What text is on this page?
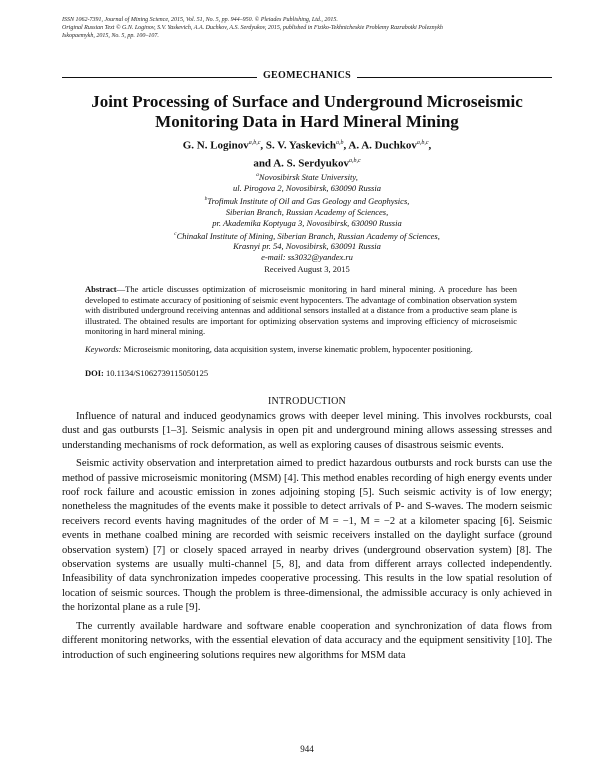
ISSN 1062-7391, Journal of Mining Science, 2015, Vol. 51, No. 5, pp. 944–950. © Pleiades Publishing, Ltd., 2015.
Original Russian Text © G.N. Loginov, S.V. Yaskevich, A.A. Duchkov, A.S. Serdyukov, 2015, published in Fiziko-Tekhnicheskie Problemy Razrabotki Poleznykh
Iskopaemykh, 2015, No. 5, pp. 100–107.
GEOMECHANICS
Joint Processing of Surface and Underground Microseismic Monitoring Data in Hard Mineral Mining
G. N. Loginov$^{a,b,c}$, S. V. Yaskevich$^{a,b}$, A. A. Duchkov$^{a,b,c}$,
and A. S. Serdyukov$^{a,b,c}$
$^a$Novosibirsk State University,
ul. Pirogova 2, Novosibirsk, 630090 Russia
$^b$Trofimuk Institute of Oil and Gas Geology and Geophysics,
Siberian Branch, Russian Academy of Sciences,
pr. Akademika Koptyuga 3, Novosibirsk, 630090 Russia
$^c$Chinakal Institute of Mining, Siberian Branch, Russian Academy of Sciences,
Krasnyi pr. 54, Novosibirsk, 630091 Russia
e-mail: ss3032@yandex.ru
Received August 3, 2015
Abstract—The article discusses optimization of microseismic monitoring in hard mineral mining. A procedure has been developed to estimate accuracy of positioning of seismic event hypocenters. The advantage of combination observation system with distributed underground receiving antennas and additional sensors installed at a distance from a productive seam plane is illustrated. The obtained results are important for optimizing observation systems and improving efficiency of microseismic monitoring in hard mineral mining.
Keywords: Microseismic monitoring, data acquisition system, inverse kinematic problem, hypocenter positioning.
DOI: 10.1134/S1062739115050125
INTRODUCTION

Influence of natural and induced geodynamics grows with deeper level mining. This involves rockbursts, coal dust and gas outbursts [1–3]. Seismic analysis in open pit and underground mining allows assessing stresses and understanding mechanisms of rock deformation, as well as exploring causes of disastrous seismic events.

Seismic activity observation and interpretation aimed to predict hazardous outbursts and rock bursts can use the method of passive microseismic monitoring (MSM) [4]. This method enables recording of high energy events under roof rock failure and acoustic emission in zones adjoining stoping [5]. Such seismic activity is of low energy; nonetheless the magnitudes of the events make it possible to detect arrivals of P- and S-waves. The modern seismic receivers record events having magnitudes of the order of M = −1, M = −2 at a kilometer spacing [6]. Seismic events in methane coalbed mining are recorded with seismic receivers installed on the daylight surface (ground observation system) [7] or closely spaced arrayed in nearby drives (underground observation system) [8]. The observation systems are usually multi-channel [5, 8], and data from different arrays collected independently. Infeasibility of data synchronization impedes cooperative processing. This results in the low spatial resolution of location of seismic sources. Though the problem is three-dimensional, the admissible accuracy is only achieved in the horizontal plane as a rule [9].

The currently available hardware and software enable cooperation and synchronization of data flows from different monitoring networks, with the essential elevation of data accuracy and the equipment sensitivity [10]. The introduction of such engineering solutions requires new algorithms for MSM data

944
